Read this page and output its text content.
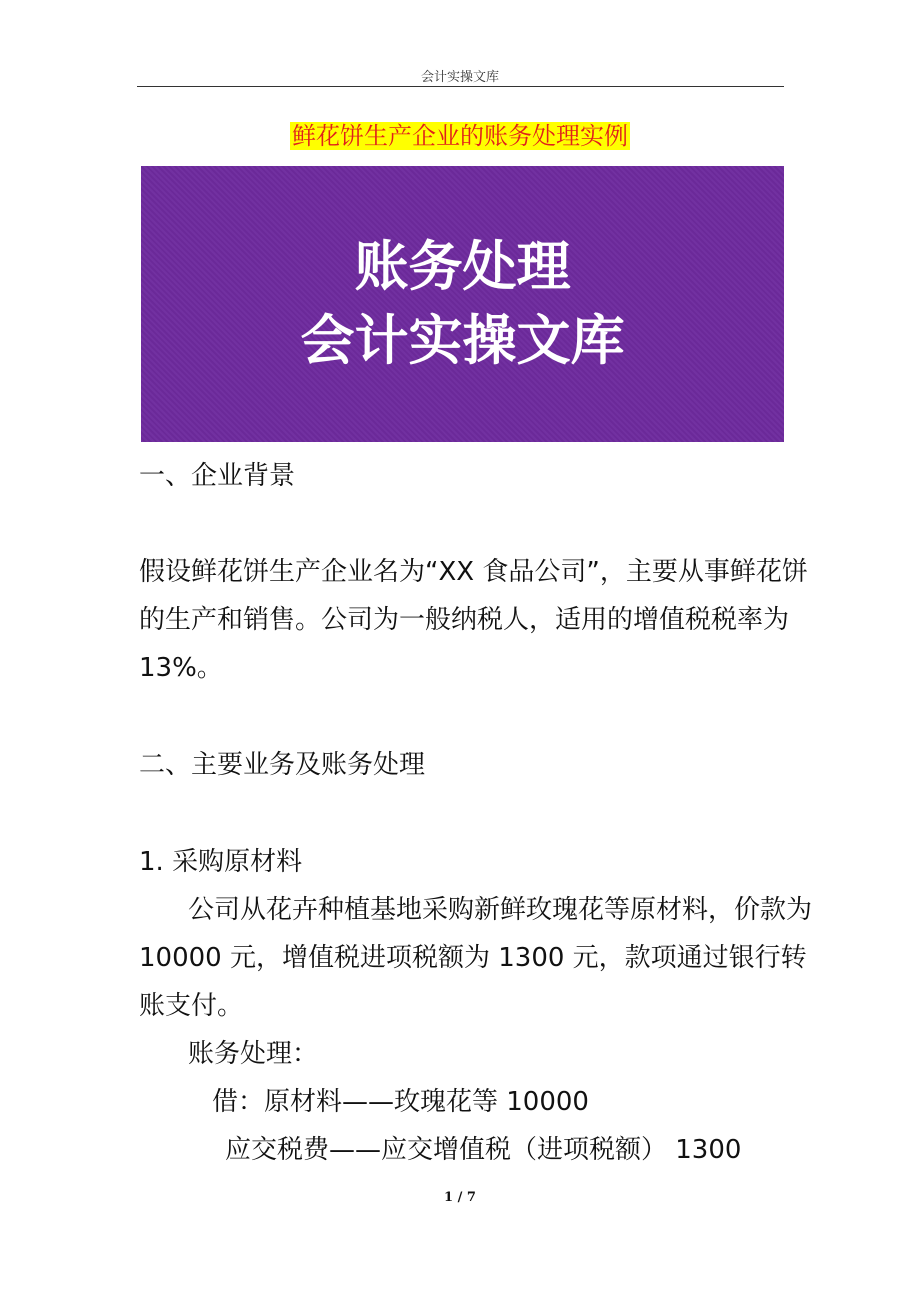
会计实操文库
鲜花饼生产企业的账务处理实例
账务处理
会计实操文库
一、企业背景
假设鲜花饼生产企业名为“XX 食品公司”，主要从事鲜花饼
的生产和销售。公司为一般纳税人，适用的增值税税率为
13%。
二、主要业务及账务处理
1. 采购原材料
公司从花卉种植基地采购新鲜玫瑰花等原材料，价款为
10000 元，增值税进项税额为 1300 元，款项通过银行转
账支付。
账务处理：
借：原材料——玫瑰花等 10000
应交税费——应交增值税（进项税额） 1300
1 / 7
